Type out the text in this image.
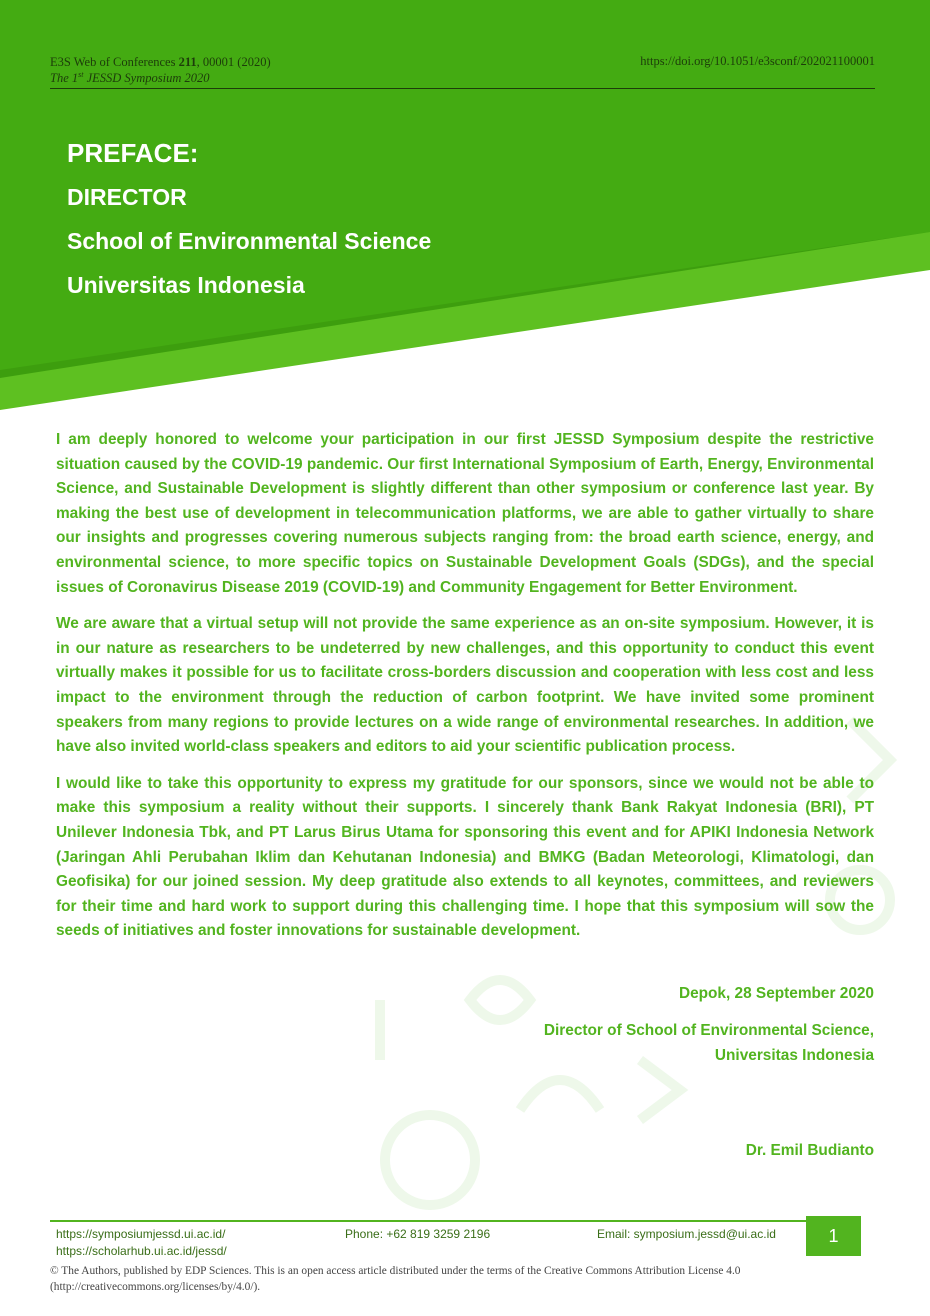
E3S Web of Conferences 211, 00001 (2020)
The 1st JESSD Symposium 2020
https://doi.org/10.1051/e3sconf/202021100001
PREFACE:
DIRECTOR
School of Environmental Science
Universitas Indonesia

I am deeply honored to welcome your participation in our first JESSD Symposium despite the restrictive situation caused by the COVID-19 pandemic. Our first International Symposium of Earth, Energy, Environmental Science, and Sustainable Development is slightly different than other symposium or conference last year. By making the best use of development in telecommunication platforms, we are able to gather virtually to share our insights and progresses covering numerous subjects ranging from: the broad earth science, energy, and environmental science, to more specific topics on Sustainable Development Goals (SDGs), and the special issues of Coronavirus Disease 2019 (COVID-19) and Community Engagement for Better Environment.

We are aware that a virtual setup will not provide the same experience as an on-site symposium. However, it is in our nature as researchers to be undeterred by new challenges, and this opportunity to conduct this event virtually makes it possible for us to facilitate cross-borders discussion and cooperation with less cost and less impact to the environment through the reduction of carbon footprint. We have invited some prominent speakers from many regions to provide lectures on a wide range of environmental researches. In addition, we have also invited world-class speakers and editors to aid your scientific publication process.

I would like to take this opportunity to express my gratitude for our sponsors, since we would not be able to make this symposium a reality without their supports. I sincerely thank Bank Rakyat Indonesia (BRI), PT Unilever Indonesia Tbk, and PT Larus Birus Utama for sponsoring this event and for APIKI Indonesia Network (Jaringan Ahli Perubahan Iklim dan Kehutanan Indonesia) and BMKG (Badan Meteorologi, Klimatologi, dan Geofisika) for our joined session. My deep gratitude also extends to all keynotes, committees, and reviewers for their time and hard work to support during this challenging time. I hope that this symposium will sow the seeds of initiatives and foster innovations for sustainable development.

Depok, 28 September 2020
Director of School of Environmental Science,
Universitas Indonesia
Dr. Emil Budianto
https://symposiumjessd.ui.ac.id/
https://scholarhub.ui.ac.id/jessd/
Phone: +62 819 3259 2196	Email: symposium.jessd@ui.ac.id	1
© The Authors, published by EDP Sciences. This is an open access article distributed under the terms of the Creative Commons Attribution License 4.0
(http://creativecommons.org/licenses/by/4.0/).
